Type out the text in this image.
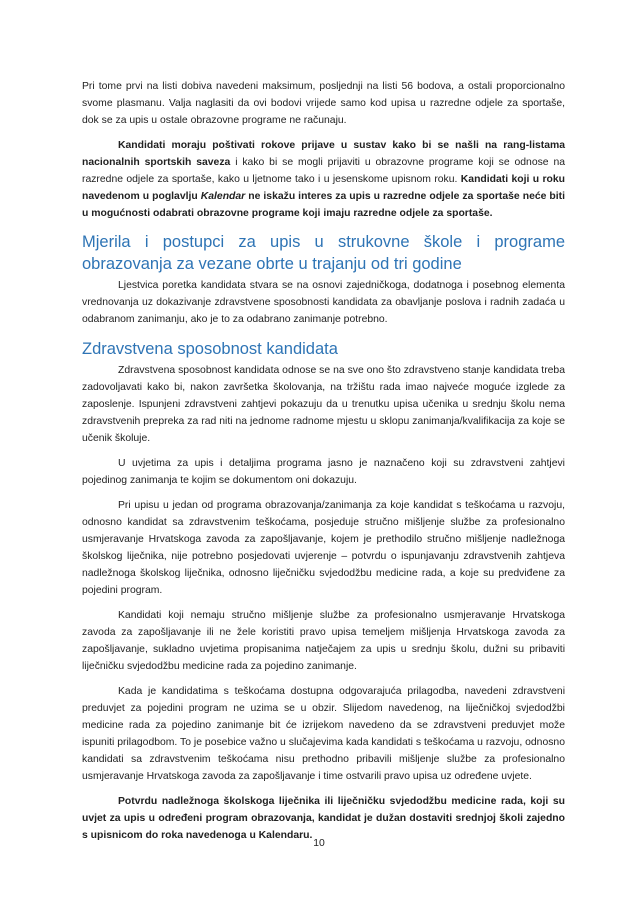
Pri tome prvi na listi dobiva navedeni maksimum, posljednji na listi 56 bodova, a ostali proporcionalno svome plasmanu. Valja naglasiti da ovi bodovi vrijede samo kod upisa u razredne odjele za sportaše, dok se za upis u ostale obrazovne programe ne računaju.

Kandidati moraju poštivati rokove prijave u sustav kako bi se našli na rang-listama nacionalnih sportskih saveza i kako bi se mogli prijaviti u obrazovne programe koji se odnose na razredne odjele za sportaše, kako u ljetnome tako i u jesenskome upisnom roku. Kandidati koji u roku navedenom u poglavlju Kalendar ne iskažu interes za upis u razredne odjele za sportaše neće biti u mogućnosti odabrati obrazovne programe koji imaju razredne odjele za sportaše.

Mjerila i postupci za upis u strukovne škole i programe obrazovanja za vezane obrte u trajanju od tri godine

Ljestvica poretka kandidata stvara se na osnovi zajedničkoga, dodatnoga i posebnog elementa vrednovanja uz dokazivanje zdravstvene sposobnosti kandidata za obavljanje poslova i radnih zadaća u odabranom zanimanju, ako je to za odabrano zanimanje potrebno.

Zdravstvena sposobnost kandidata

Zdravstvena sposobnost kandidata odnose se na sve ono što zdravstveno stanje kandidata treba zadovoljavati kako bi, nakon završetka školovanja, na tržištu rada imao najveće moguće izglede za zaposlenje. Ispunjeni zdravstveni zahtjevi pokazuju da u trenutku upisa učenika u srednju školu nema zdravstvenih prepreka za rad niti na jednome radnome mjestu u sklopu zanimanja/kvalifikacija za koje se učenik školuje.

U uvjetima za upis i detaljima programa jasno je naznačeno koji su zdravstveni zahtjevi pojedinog zanimanja te kojim se dokumentom oni dokazuju.

Pri upisu u jedan od programa obrazovanja/zanimanja za koje kandidat s teškoćama u razvoju, odnosno kandidat sa zdravstvenim teškoćama, posjeduje stručno mišljenje službe za profesionalno usmjeravanje Hrvatskoga zavoda za zapošljavanje, kojem je prethodilo stručno mišljenje nadležnoga školskog liječnika, nije potrebno posjedovati uvjerenje – potvrdu o ispunjavanju zdravstvenih zahtjeva nadležnoga školskog liječnika, odnosno liječničku svjedodžbu medicine rada, a koje su predviđene za pojedini program.

Kandidati koji nemaju stručno mišljenje službe za profesionalno usmjeravanje Hrvatskoga zavoda za zapošljavanje ili ne žele koristiti pravo upisa temeljem mišljenja Hrvatskoga zavoda za zapošljavanje, sukladno uvjetima propisanima natječajem za upis u srednju školu, dužni su pribaviti liječničku svjedodžbu medicine rada za pojedino zanimanje.

Kada je kandidatima s teškoćama dostupna odgovarajuća prilagodba, navedeni zdravstveni preduvjet za pojedini program ne uzima se u obzir. Slijedom navedenog, na liječničkoj svjedodžbi medicine rada za pojedino zanimanje bit će izrijekom navedeno da se zdravstveni preduvjet može ispuniti prilagodbom. To je posebice važno u slučajevima kada kandidati s teškoćama u razvoju, odnosno kandidati sa zdravstvenim teškoćama nisu prethodno pribavili mišljenje službe za profesionalno usmjeravanje Hrvatskoga zavoda za zapošljavanje i time ostvarili pravo upisa uz određene uvjete.

Potvrdu nadležnoga školskoga liječnika ili liječničku svjedodžbu medicine rada, koji su uvjet za upis u određeni program obrazovanja, kandidat je dužan dostaviti srednjoj školi zajedno s upisnicom do roka navedenoga u Kalendaru.

10
